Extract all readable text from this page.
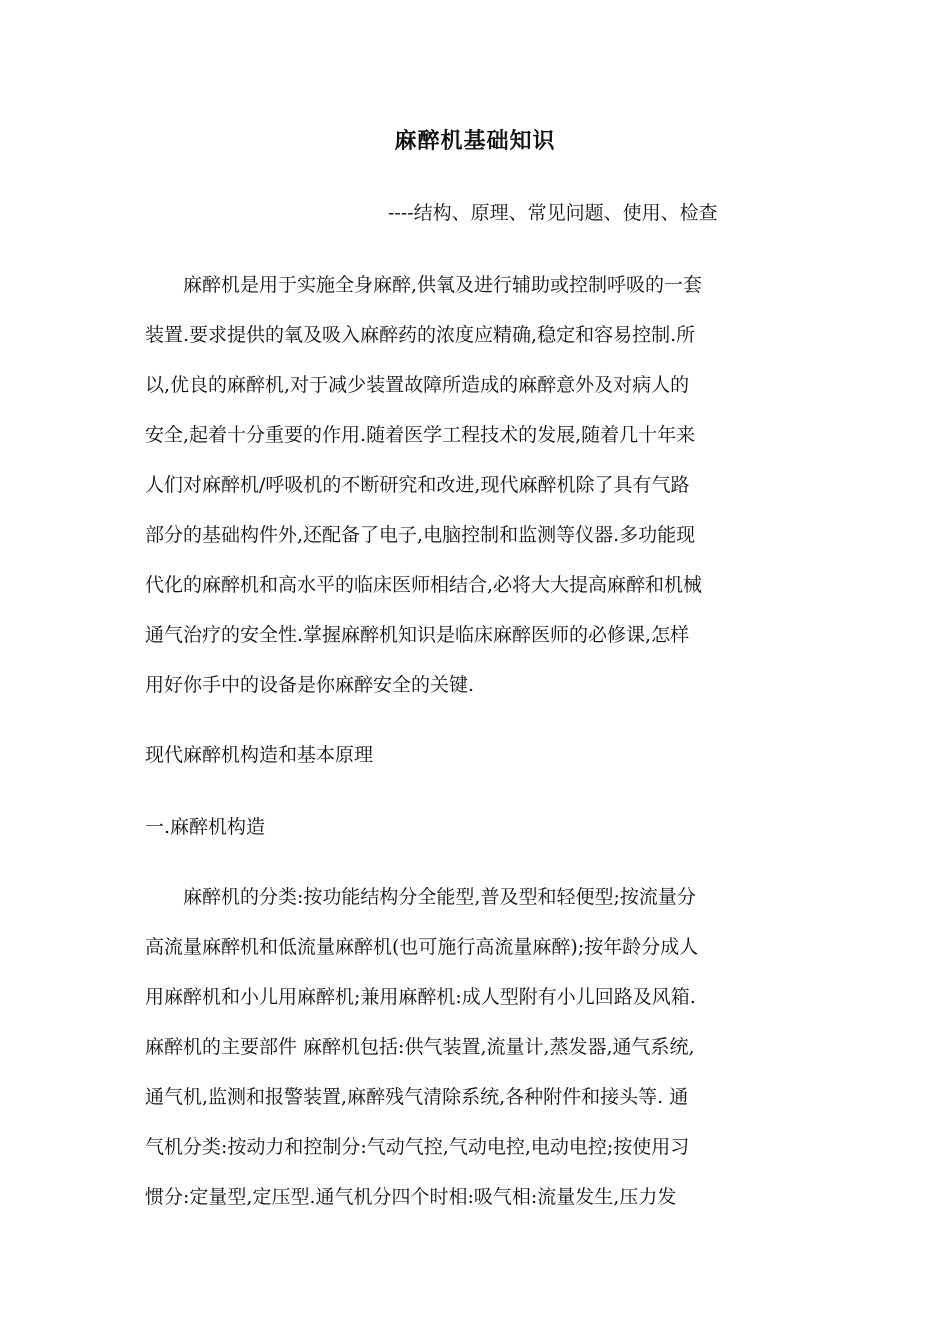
麻醉机基础知识
----结构、原理、常见问题、使用、检查
　　麻醉机是用于实施全身麻醉,供氧及进行辅助或控制呼吸的一套
装置.要求提供的氧及吸入麻醉药的浓度应精确,稳定和容易控制.所
以,优良的麻醉机,对于减少装置故障所造成的麻醉意外及对病人的
安全,起着十分重要的作用.随着医学工程技术的发展,随着几十年来
人们对麻醉机/呼吸机的不断研究和改进,现代麻醉机除了具有气路
部分的基础构件外,还配备了电子,电脑控制和监测等仪器.多功能现
代化的麻醉机和高水平的临床医师相结合,必将大大提高麻醉和机械
通气治疗的安全性.掌握麻醉机知识是临床麻醉医师的必修课,怎样
用好你手中的设备是你麻醉安全的关键.
现代麻醉机构造和基本原理
一.麻醉机构造
　　麻醉机的分类:按功能结构分全能型,普及型和轻便型;按流量分
高流量麻醉机和低流量麻醉机(也可施行高流量麻醉);按年龄分成人
用麻醉机和小儿用麻醉机;兼用麻醉机:成人型附有小儿回路及风箱.
麻醉机的主要部件 麻醉机包括:供气装置,流量计,蒸发器,通气系统,
通气机,监测和报警装置,麻醉残气清除系统,各种附件和接头等. 通
气机分类:按动力和控制分:气动气控,气动电控,电动电控;按使用习
惯分:定量型,定压型.通气机分四个时相:吸气相:流量发生,压力发
